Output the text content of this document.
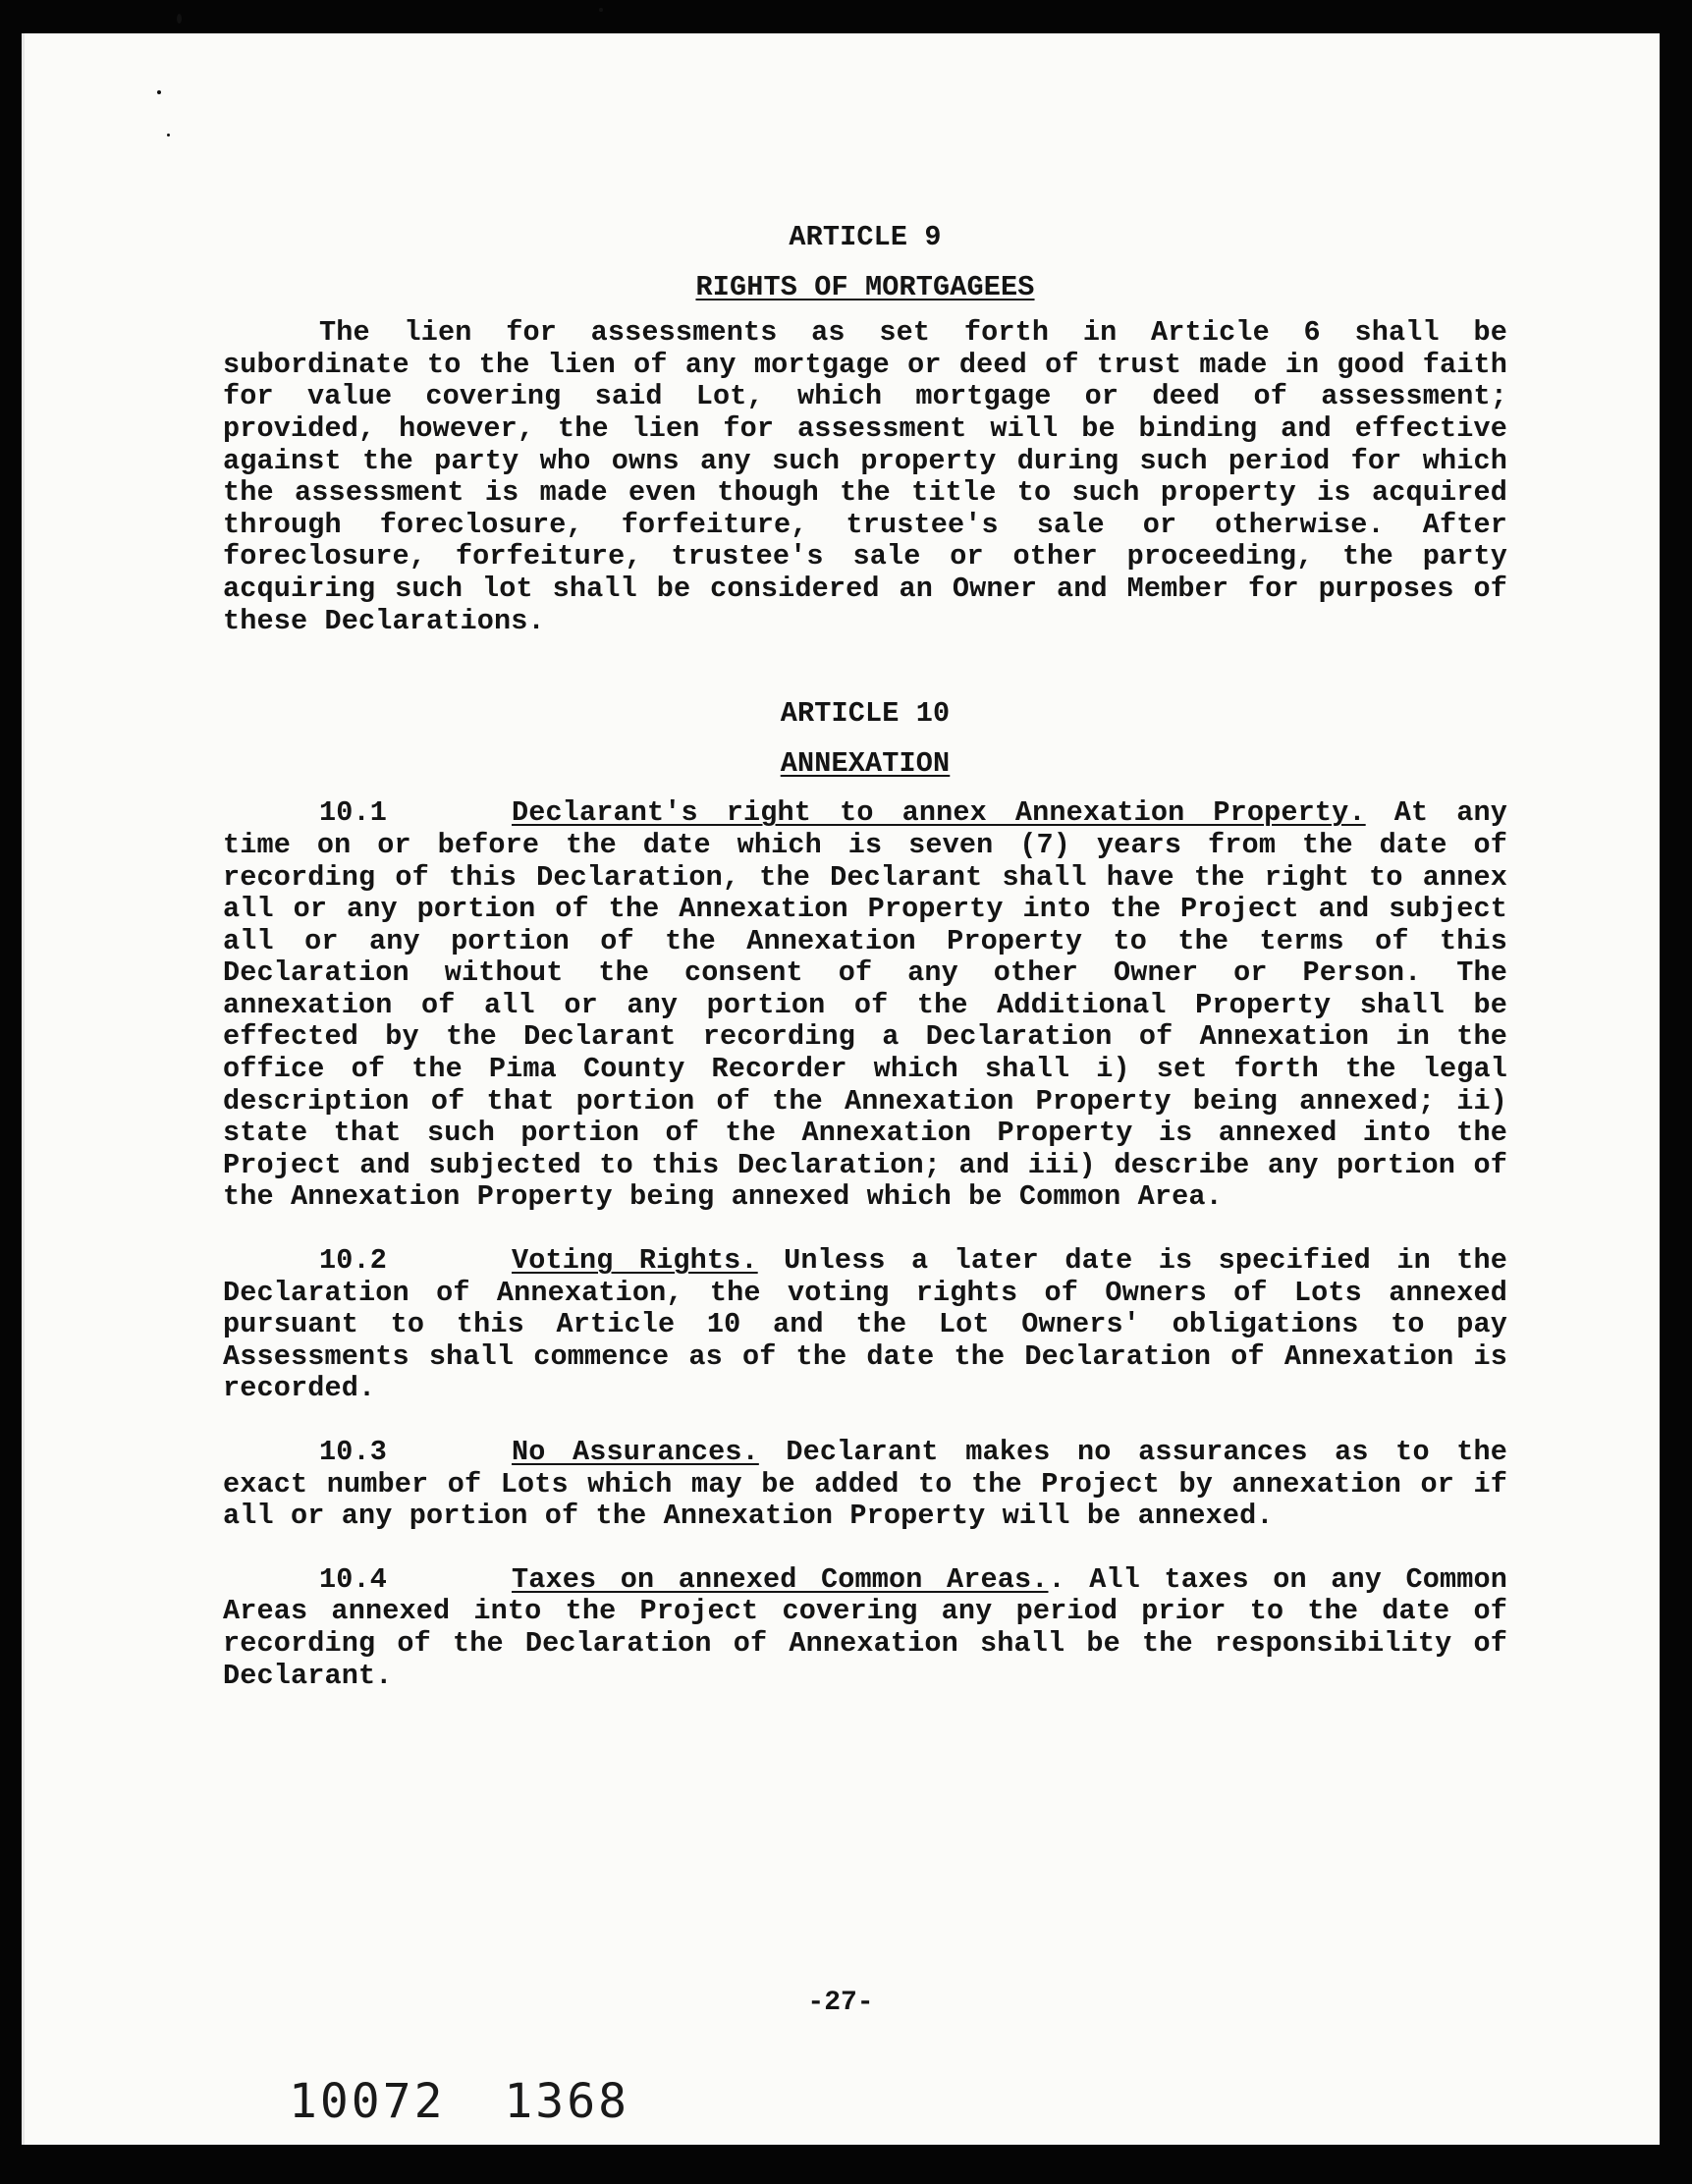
ARTICLE 9

RIGHTS OF MORTGAGEES

The lien for assessments as set forth in Article 6 shall be subordinate to the lien of any mortgage or deed of trust made in good faith for value covering said Lot, which mortgage or deed of assessment; provided, however, the lien for assessment will be binding and effective against the party who owns any such property during such period for which the assessment is made even though the title to such property is acquired through foreclosure, forfeiture, trustee's sale or otherwise. After foreclosure, forfeiture, trustee's sale or other proceeding, the party acquiring such lot shall be considered an Owner and Member for purposes of these Declarations.

ARTICLE 10

ANNEXATION

10.1	Declarant's right to annex Annexation Property. At any time on or before the date which is seven (7) years from the date of recording of this Declaration, the Declarant shall have the right to annex all or any portion of the Annexation Property into the Project and subject all or any portion of the Annexation Property to the terms of this Declaration without the consent of any other Owner or Person. The annexation of all or any portion of the Additional Property shall be effected by the Declarant recording a Declaration of Annexation in the office of the Pima County Recorder which shall i) set forth the legal description of that portion of the Annexation Property being annexed; ii) state that such portion of the Annexation Property is annexed into the Project and subjected to this Declaration; and iii) describe any portion of the Annexation Property being annexed which be Common Area.

10.2	Voting Rights. Unless a later date is specified in the Declaration of Annexation, the voting rights of Owners of Lots annexed pursuant to this Article 10 and the Lot Owners' obligations to pay Assessments shall commence as of the date the Declaration of Annexation is recorded.

10.3	No Assurances. Declarant makes no assurances as to the exact number of Lots which may be added to the Project by annexation or if all or any portion of the Annexation Property will be annexed.

10.4	Taxes on annexed Common Areas.. All taxes on any Common Areas annexed into the Project covering any period prior to the date of recording of the Declaration of Annexation shall be the responsibility of Declarant.

-27-
10072 1368
